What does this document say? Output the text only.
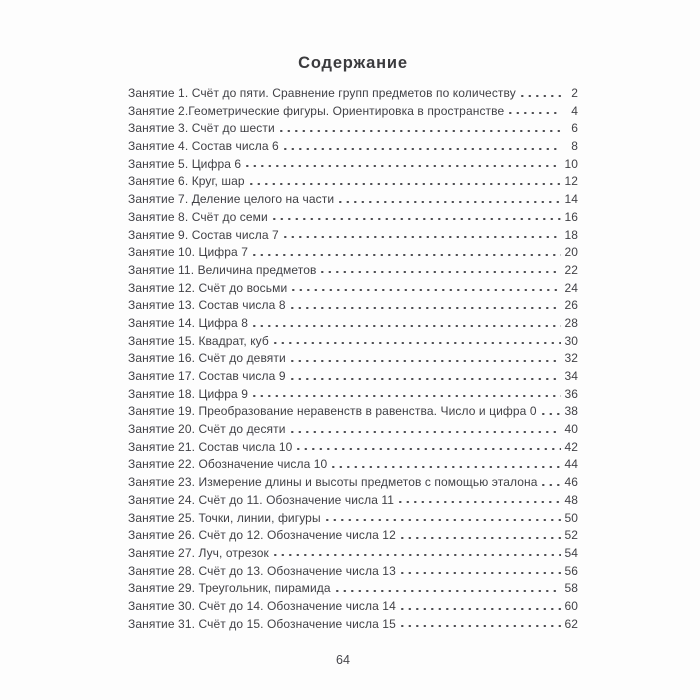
Содержание
Занятие 1. Счёт до пяти. Сравнение групп предметов по количеству	2
Занятие 2.Геометрические фигуры. Ориентировка в пространстве	4
Занятие 3. Счёт до шести	6
Занятие 4. Состав числа 6	8
Занятие 5. Цифра 6	10
Занятие 6. Круг, шар	12
Занятие 7. Деление целого на части	14
Занятие 8. Счёт до семи	16
Занятие 9. Состав числа 7	18
Занятие 10. Цифра 7	20
Занятие 11. Величина предметов	22
Занятие 12. Счёт до восьми	24
Занятие 13. Состав числа 8	26
Занятие 14. Цифра 8	28
Занятие 15. Квадрат, куб	30
Занятие 16. Счёт до девяти	32
Занятие 17. Состав числа 9	34
Занятие 18. Цифра 9	36
Занятие 19. Преобразование неравенств в равенства. Число и цифра 0 38
Занятие 20. Счёт до десяти	40
Занятие 21. Состав числа 10	42
Занятие 22. Обозначение числа 10	44
Занятие 23. Измерение длины и высоты предметов с помощью эталона 46
Занятие 24. Счёт до 11. Обозначение числа 11	48
Занятие 25. Точки, линии, фигуры	50
Занятие 26. Счёт до 12. Обозначение числа 12	52
Занятие 27. Луч, отрезок	54
Занятие 28. Счёт до 13. Обозначение числа 13	56
Занятие 29. Треугольник, пирамида	58
Занятие 30. Счёт до 14. Обозначение числа 14	60
Занятие 31. Счёт до 15. Обозначение числа 15	62
64
